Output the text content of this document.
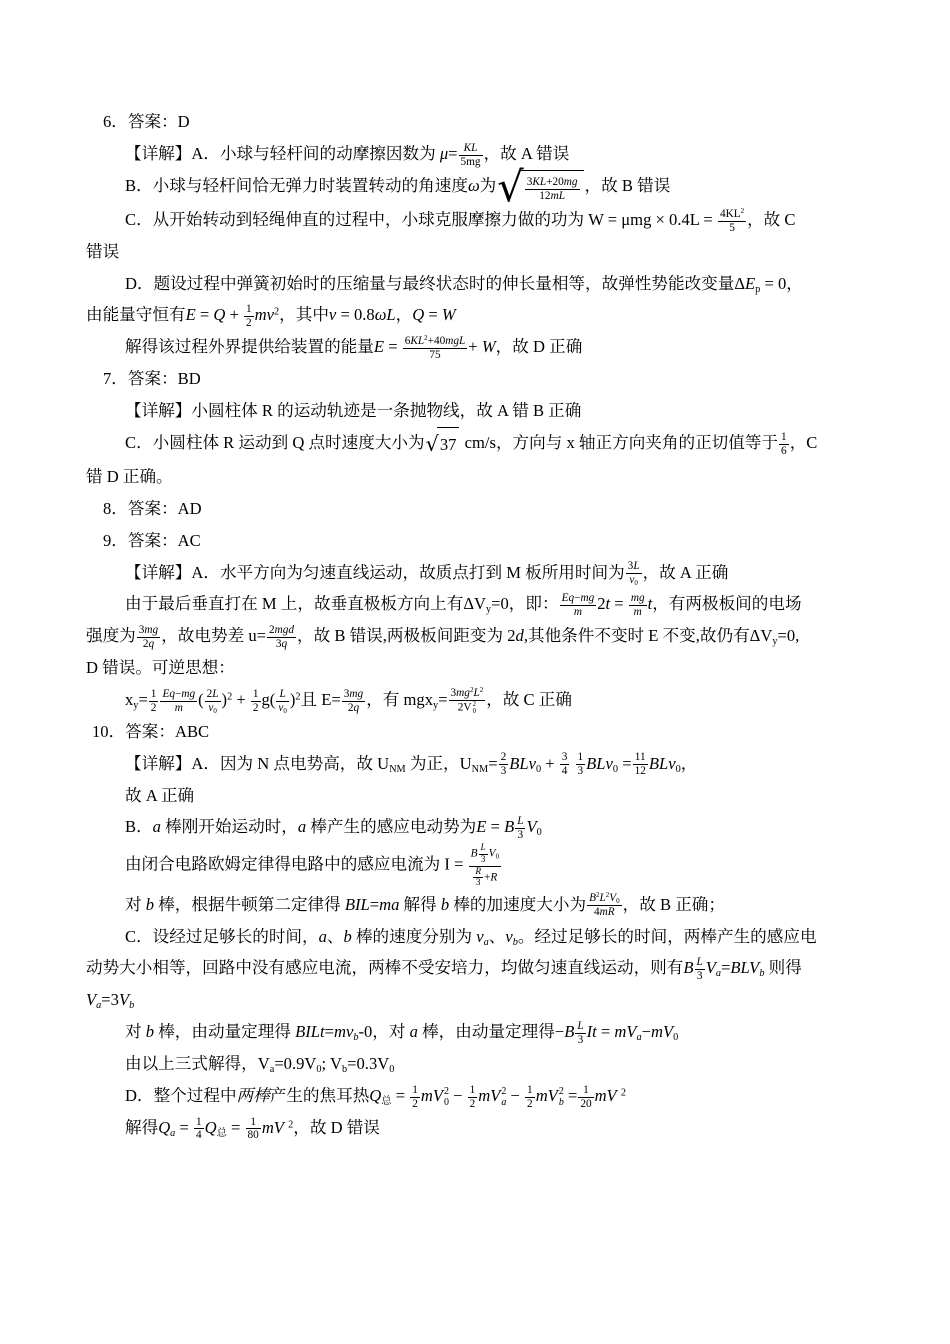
6．答案：D

【详解】A．小球与轻杆间的动摩擦因数为 $\mu= \frac{KL}{5mg}$ ，故 A 错误

B．小球与轻杆间恰无弹力时装置转动的角速度ω为 √ $\frac{3KL+20mg}{12mL}$ ，故 B 错误

C．从开始转动到轻绳伸直的过程中，小球克服摩擦力做的功为 $W = \mu mg \times 0.4L = \frac{4KL^2}{5}$ ，故 C

错误

D．题设过程中弹簧初始时的压缩量与最终状态时的伸长量相等，故弹性势能改变量$\Delta E_p = 0$，

由能量守恒有$E = Q + \frac{1}{2} mv^2$，其中v = 0.8ωL，Q = W

解得该过程外界提供给装置的能量$E = \frac{6KL^2+40mgL}{75} + W$，故 D 正确

7．答案：BD

【详解】小圆柱体 R 的运动轨迹是一条抛物线，故 A 错 B 正确

C．小圆柱体 R 运动到 Q 点时速度大小为 √ 37 cm/s，方向与 x 轴正方向夹角的正切值等于 $\frac{1}{6}$ ，C

错 D 正确。

8．答案：AD

9．答案：AC

【详解】A．水平方向为匀速直线运动，故质点打到 M 板所用时间为 $\frac{3L}{v_0}$ ，故 A 正确

由于最后垂直打在 M 上，故垂直极板方向上有$\Delta V_y=0$，即： $\frac{Eq-mg}{m} 2t = \frac{mg}{m}$ t，有两极板间的电场

强度为 $\frac{3mg}{2q}$ ，故电势差 $u= \frac{\text{2mgd}}{3q}$ ，故 B 错误,两极板间距变为 2d,其他条件不变时 E 不变,故仍有$\Delta V_y=0$,

D 错误。可逆思想：

$x_y= \frac{1}{2} \frac{Eq-mg}{m}$ ( $\frac{2L}{v_0} )^2 + \frac{1}{2} g( \frac{L}{v_0} )^2$且 $E= \frac{3mg}{2q}$ ，有 $mgx_y= 3mg^2L^2$
2V 2
0 ，故 C 正确

10．答案：ABC

【详解】A．因为 N 点电势高，故 $U_{NM}$ 为正，$U_{NM}= \frac{2}{3} BLv_0 + \frac{3}{4}$
$\frac{1}{3} BLv_0 = \frac{11}{12} BLv_0$，

故 A 正确

B．a 棒刚开始运动时，a 棒产生的感应电动势为E = B $\frac{L}{3} V_0$

由闭合电路欧姆定律得电路中的感应电流为 $I = \frac{B \frac{L}{3} V_0}{\frac{R}{3} +R}$

对 b 棒，根据牛顿第二定律得 BIL=ma 解得 b 棒的加速度大小为 $\frac{B^2L^2V_0}{4mR}$ ，故 B 正确；

C．设经过足够长的时间，a、b 棒的速度分别为 $v_a$、$v_b$。经过足够长的时间，两棒产生的感应电

动势大小相等，回路中没有感应电流，两棒不受安培力，均做匀速直线运动，则有B $\frac{L}{3} V_a=BLV_b$ 则得

$V_a=3V_b$

对 b 棒，由动量定理得 $BILt=mv_b-0$，对 a 棒，由动量定理得$-B \frac{L}{3}$ $It = mV_a-mV_0$

由以上三式解得，$V_a=0.9V_0$; $V_b=0.3V_0$

D．整个过程中两棒产生的焦耳热$Q_总 = \frac{1}{2}$ mV 2
$0 - \frac{1}{2}$ mV 2
$a - \frac{1}{2}$ mV 2
$b = \frac{1}{20}$ mV $^2$

解得$Q_a = \frac{1}{4} Q_总 = \frac{1}{80}$ mV $^2$，故 D 错误
